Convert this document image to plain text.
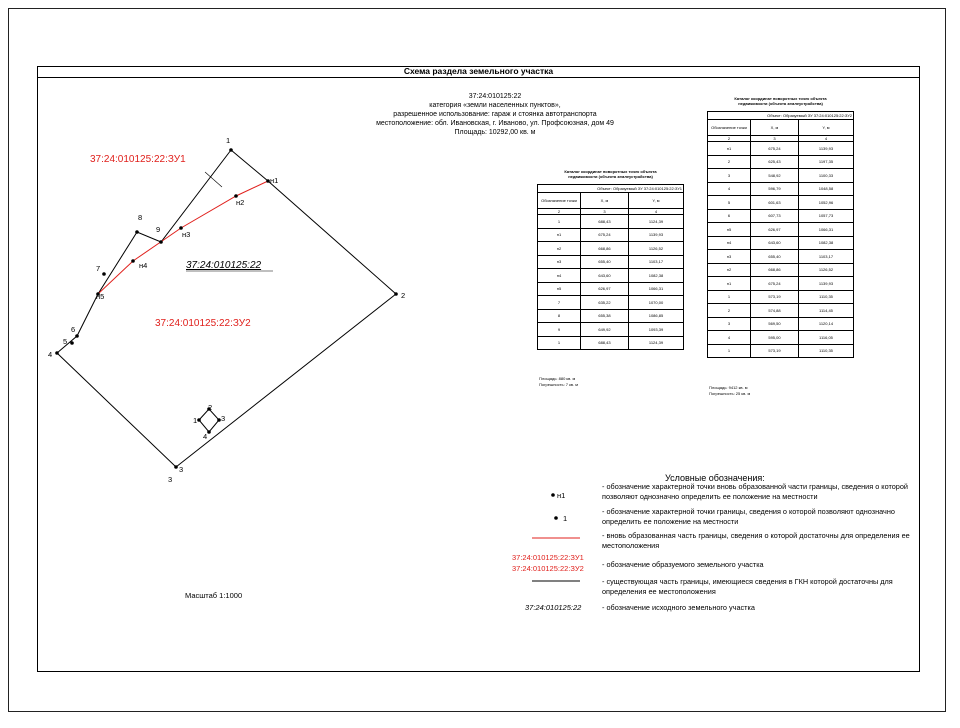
Схема раздела земельного участка
37:24:010125:22
категория «земли населенных пунктов»,
разрешенное использование: гараж и стоянка автотранспорта
местоположение: обл. Ивановская, г. Иваново, ул. Профсоюзная, дом 49
Площадь: 10292,00 кв. м
1
2
3
3
4
5
6
7
8
9
н1
н2
н3
н4
н5
1
2
3
4
37:24:010125:22:ЗУ1
37:24:010125:22
37:24:010125:22:ЗУ2
Каталог координат поворотных точек объекта
недвижимости (объекта землеустройства)
Объект: Образуемый ЗУ 37:24:010125:22:ЗУ1		
Обозначение точки	X, м	Y, м
2	3	4
1	688,43	1124,39
н1	675,24	1139,93
н2	668,86	1126,52
н3	655,40	1103,17
н4	643,60	1082,38
н5	626,97	1066,31
7	635,22	1070,00
8	655,38	1086,85
9	649,92	1093,39
1	688,43	1124,39
Площадь: 880 кв. м
Погрешность: 7 кв. м
Каталог координат поворотных точек объекта
недвижимости (объекта землеустройства)
Объект: Образуемый ЗУ 37:24:010125:22:ЗУ2		
Обозначение точки	X, м	Y, м
2	3	4
н1	675,24	1139,93
2	625,43	1197,35
3	548,92	1100,33
4	596,79	1048,58
5	601,63	1052,96
6	607,73	1057,73
н5	626,97	1066,31
н4	643,60	1082,38
н3	655,40	1103,17
н2	668,86	1126,52
н1	675,24	1139,93
1	573,19	1110,35
2	574,88	1114,45
3	569,50	1120,14
4	595,00	1116,05
1	573,19	1110,35
Площадь: 9412 кв. м
Погрешность: 25 кв. м
Условные обозначения:
н1
1
37:24:010125:22:ЗУ1
37:24:010125:22:ЗУ2
37:24:010125:22
- обозначение характерной точки вновь образованной части границы, сведения о которой позволяют однозначно определить ее положение на местности
- обозначение характерной точки границы, сведения о которой позволяют однозначно определить ее положение на местности
- вновь образованная часть границы, сведения о которой достаточны для определения ее местоположения
- обозначение образуемого земельного участка
- существующая часть границы, имеющиеся сведения в ГКН которой достаточны для определения ее местоположения
- обозначение исходного земельного участка
Масштаб 1:1000
